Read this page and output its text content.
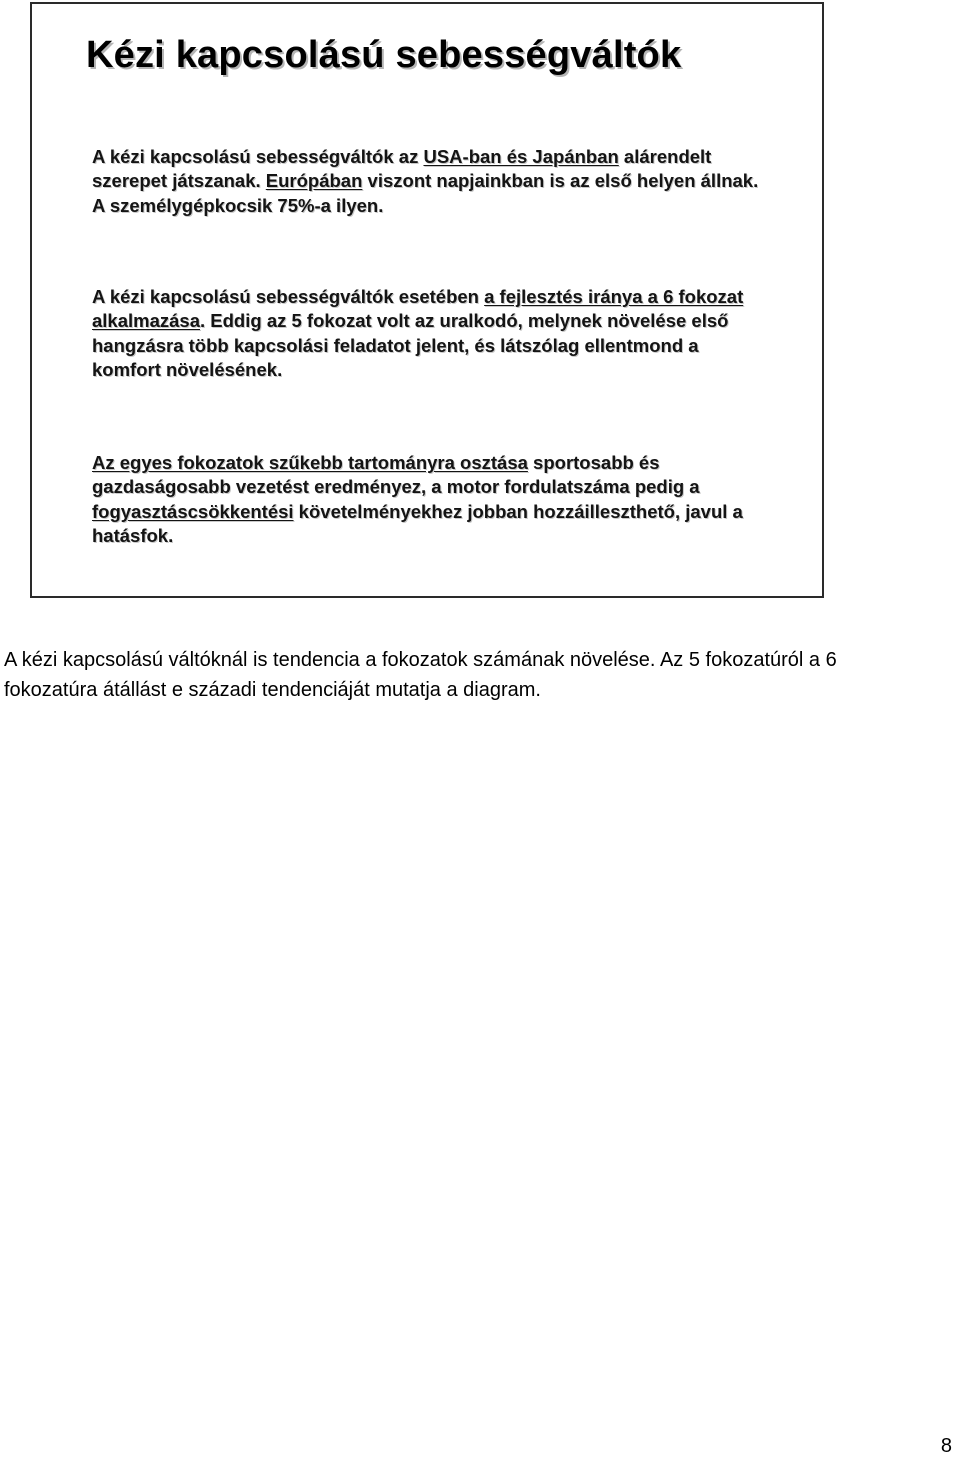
Kézi kapcsolású sebességváltók

A kézi kapcsolású sebességváltók az USA-ban és Japánban alárendelt szerepet játszanak. Európában viszont napjainkban is az első helyen állnak. A személygépkocsik 75%-a ilyen.

A kézi kapcsolású sebességváltók esetében a fejlesztés iránya a 6 fokozat alkalmazása. Eddig az 5 fokozat volt az uralkodó, melynek növelése első hangzásra több kapcsolási feladatot jelent, és látszólag ellentmond a komfort növelésének.

Az egyes fokozatok szűkebb tartományra osztása sportosabb és gazdaságosabb vezetést eredményez, a motor fordulatszáma pedig a fogyasztáscsökkentési követelményekhez jobban hozzáilleszthető, javul a hatásfok.

A kézi kapcsolású váltóknál is tendencia a fokozatok számának növelése. Az 5 fokozatúról a 6 fokozatúra átállást e századi tendenciáját mutatja a diagram.

8
